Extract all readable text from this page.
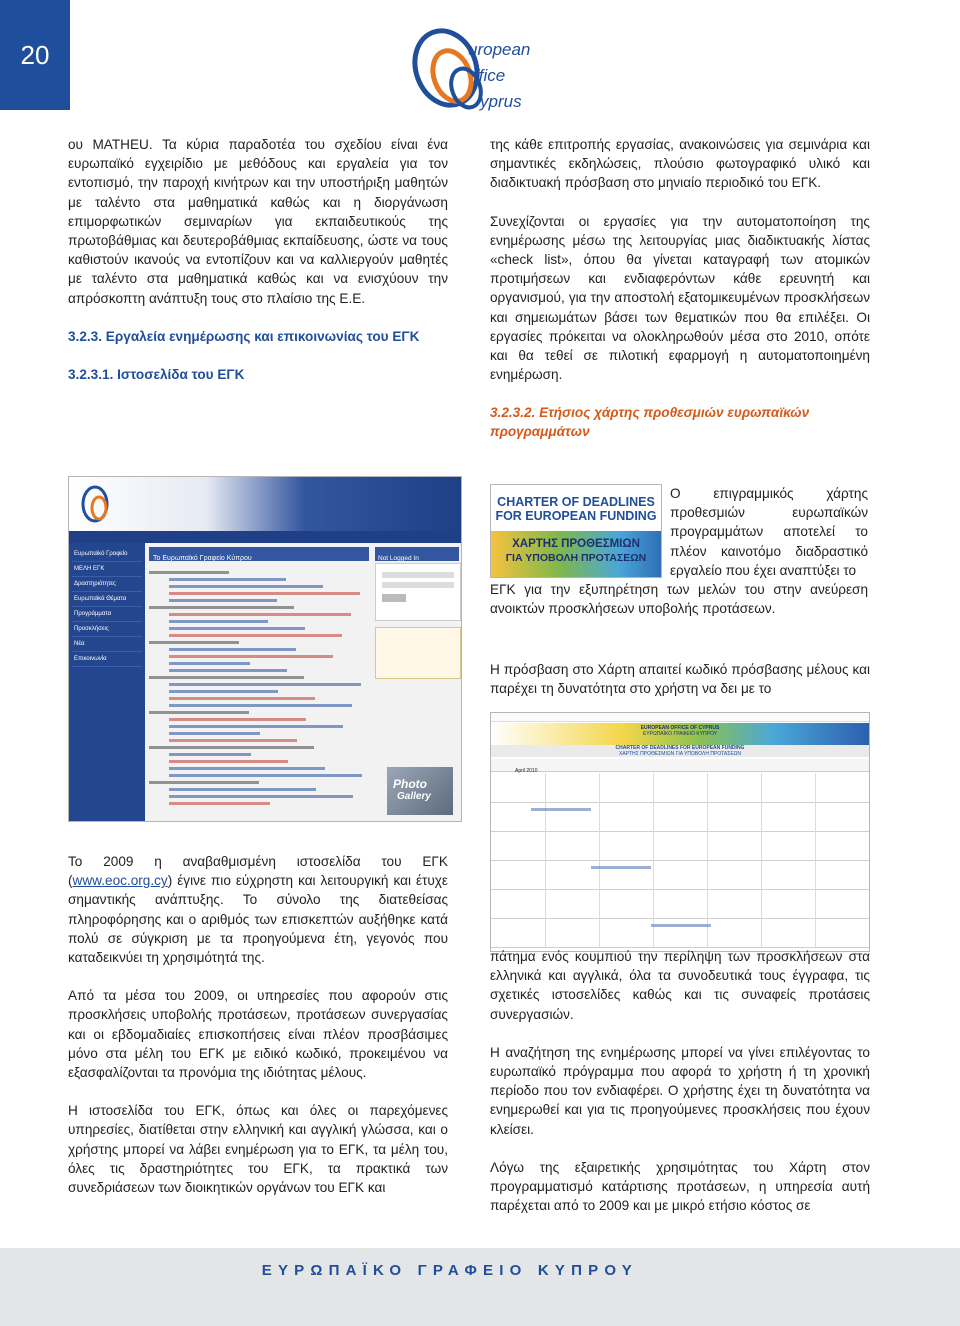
20	uropean
ffice
yprus

ου MATHEU. Τα κύρια παραδοτέα του σχεδίου είναι ένα ευρωπαϊκό εγχειρίδιο με μεθόδους και εργαλεία για τον εντοπισμό, την παροχή κινήτρων και την υποστήριξη μαθητών με ταλέντο στα μαθηματικά καθώς και η διοργάνωση επιμορφωτικών σεμιναρίων για εκπαιδευτικούς της πρωτοβάθμιας και δευτεροβάθμιας εκπαίδευσης, ώστε να τους καθιστούν ικανούς να εντοπίζουν και να καλλιεργούν μαθητές με ταλέντο στα μαθηματικά καθώς και να ενισχύουν την απρόσκοπτη ανάπτυξη τους στο πλαίσιο της Ε.Ε.

3.2.3. Εργαλεία ενημέρωσης και επικοινωνίας του ΕΓΚ
3.2.3.1. Ιστοσελίδα του ΕΓΚ
Ευρωπαϊκό Γραφείο
ΜΕΛΗ ΕΓΚ
Δραστηριότητες
Ευρωπαϊκά Θέματα
Προγράμματα
Προσκλήσεις
Νέα
Επικοινωνία
Το Ευρωπαϊκό Γραφείο Κύπρου	Not Logged In
Photo
Gallery

Το 2009 η αναβαθμισμένη ιστοσελίδα του ΕΓΚ (www.eoc.org.cy) έγινε πιο εύχρηστη και λειτουργική και έτυχε σημαντικής ανάπτυξης. Το σύνολο της διατεθείσας πληροφόρησης και ο αριθμός των επισκεπτών αυξήθηκε κατά πολύ σε σύγκριση με τα προηγούμενα έτη, γεγονός που καταδεικνύει τη χρησιμότητά της.

Από τα μέσα του 2009, οι υπηρεσίες που αφορούν στις προσκλήσεις υποβολής προτάσεων, προτάσεων συνεργασίας και οι εβδομαδιαίες επισκοπήσεις είναι πλέον προσβάσιμες μόνο στα μέλη του ΕΓΚ με ειδικό κωδικό, προκειμένου να εξασφαλίζονται τα προνόμια της ιδιότητας μέλους.

Η ιστοσελίδα του ΕΓΚ, όπως και όλες οι παρεχόμενες υπηρεσίες, διατίθεται στην ελληνική και αγγλική γλώσσα, και ο χρήστης μπορεί να λάβει ενημέρωση για το ΕΓΚ, τα μέλη του, όλες τις δραστηριότητες του ΕΓΚ, τα πρακτικά των συνεδριάσεων των διοικητικών οργάνων του ΕΓΚ και

της κάθε επιτροπής εργασίας, ανακοινώσεις για σεμινάρια και σημαντικές εκδηλώσεις, πλούσιο φωτογραφικό υλικό και διαδικτυακή πρόσβαση στο μηνιαίο περιοδικό του ΕΓΚ.

Συνεχίζονται οι εργασίες για την αυτοματοποίηση της ενημέρωσης μέσω της λειτουργίας μιας διαδικτυακής λίστας «check list», όπου θα γίνεται καταγραφή των ατομικών προτιμήσεων και ενδιαφερόντων κάθε ερευνητή και οργανισμού, για την αποστολή εξατομικευμένων προσκλήσεων και σημειωμάτων βάσει των θεματικών που θα επιλέξει. Οι εργασίες πρόκειται να ολοκληρωθούν μέσα στο 2010, οπότε και θα τεθεί σε πιλοτική εφαρμογή η αυτοματοποιημένη ενημέρωση.

3.2.3.2. Ετήσιος χάρτης προθεσμιών ευρωπαϊκών προγραμμάτων
CHARTER OF DEADLINES
FOR EUROPEAN FUNDING
ΧΑΡΤΗΣ ΠΡΟΘΕΣΜΙΩΝ
ΓΙΑ ΥΠΟΒΟΛΗ ΠΡΟΤΑΣΕΩΝ
Ο επιγραμμικός χάρτης προθεσμιών ευρωπαϊκών προγραμμάτων αποτελεί το πλέον καινοτόμο διαδραστικό εργαλείο που έχει αναπτύξει το
ΕΓΚ για την εξυπηρέτηση των μελών του στην ανεύρεση ανοικτών προσκλήσεων υποβολής προτάσεων.

Η πρόσβαση στο Χάρτη απαιτεί κωδικό πρόσβασης μέλους και παρέχει τη δυνατότητα στο χρήστη να δει με το

EUROPEAN OFFICE OF CYPRUS
ΕΥΡΩΠΑΪΚΟ ΓΡΑΦΕΙΟ ΚΥΠΡΟΥ
CHARTER OF DEADLINES FOR EUROPEAN FUNDING
ΧΑΡΤΗΣ ΠΡΟΘΕΣΜΙΩΝ ΓΙΑ ΥΠΟΒΟΛΗ ΠΡΟΤΑΣΕΩΝ
April 2010

πάτημα ενός κουμπιού την περίληψη των προσκλήσεων στα ελληνικά και αγγλικά, όλα τα συνοδευτικά τους έγγραφα, τις σχετικές ιστοσελίδες καθώς και τις συναφείς προτάσεις συνεργασιών.

Η αναζήτηση της ενημέρωσης μπορεί να γίνει επιλέγοντας το ευρωπαϊκό πρόγραμμα που αφορά το χρήστη ή τη χρονική περίοδο που τον ενδιαφέρει. Ο χρήστης έχει τη δυνατότητα να ενημερωθεί και για τις προηγούμενες προσκλήσεις που έχουν κλείσει.

Λόγω της εξαιρετικής χρησιμότητας του Χάρτη στον προγραμματισμό κατάρτισης προτάσεων, η υπηρεσία αυτή παρέχεται από το 2009 και με μικρό ετήσιο κόστος σε

ΕΥΡΩΠΑΪΚΟ ΓΡΑΦΕΙΟ ΚΥΠΡΟΥ
